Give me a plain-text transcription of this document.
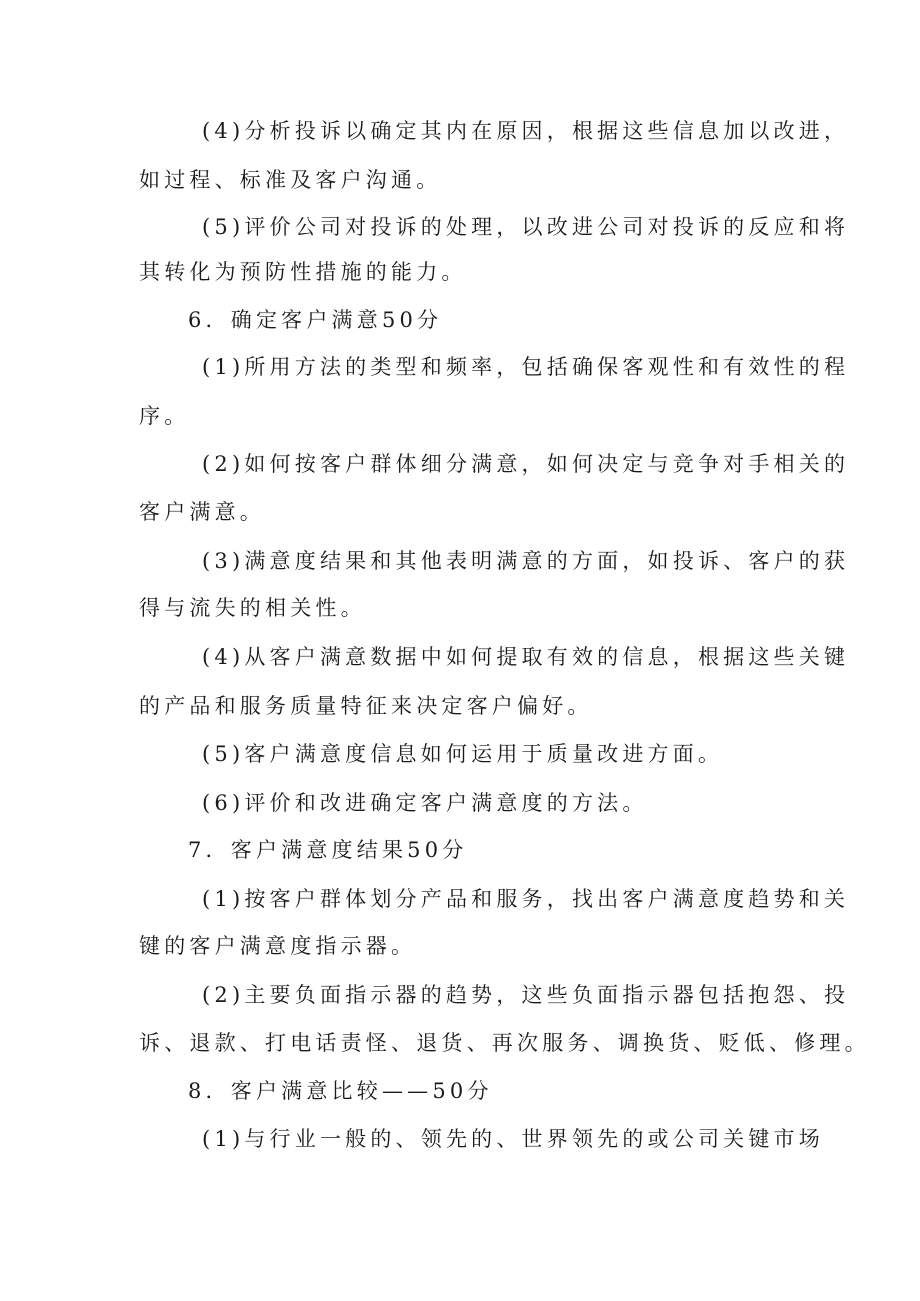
(4)分析投诉以确定其内在原因，根据这些信息加以改进，
如过程、标准及客户沟通。
(5)评价公司对投诉的处理，以改进公司对投诉的反应和将
其转化为预防性措施的能力。
6．确定客户满意50分
(1)所用方法的类型和频率，包括确保客观性和有效性的程
序。
(2)如何按客户群体细分满意，如何决定与竞争对手相关的
客户满意。
(3)满意度结果和其他表明满意的方面，如投诉、客户的获
得与流失的相关性。
(4)从客户满意数据中如何提取有效的信息，根据这些关键
的产品和服务质量特征来决定客户偏好。
(5)客户满意度信息如何运用于质量改进方面。
(6)评价和改进确定客户满意度的方法。
7．客户满意度结果50分
(1)按客户群体划分产品和服务，找出客户满意度趋势和关
键的客户满意度指示器。
(2)主要负面指示器的趋势，这些负面指示器包括抱怨、投
诉、退款、打电话责怪、退货、再次服务、调换货、贬低、修理。
8．客户满意比较——50分
(1)与行业一般的、领先的、世界领先的或公司关键市场
